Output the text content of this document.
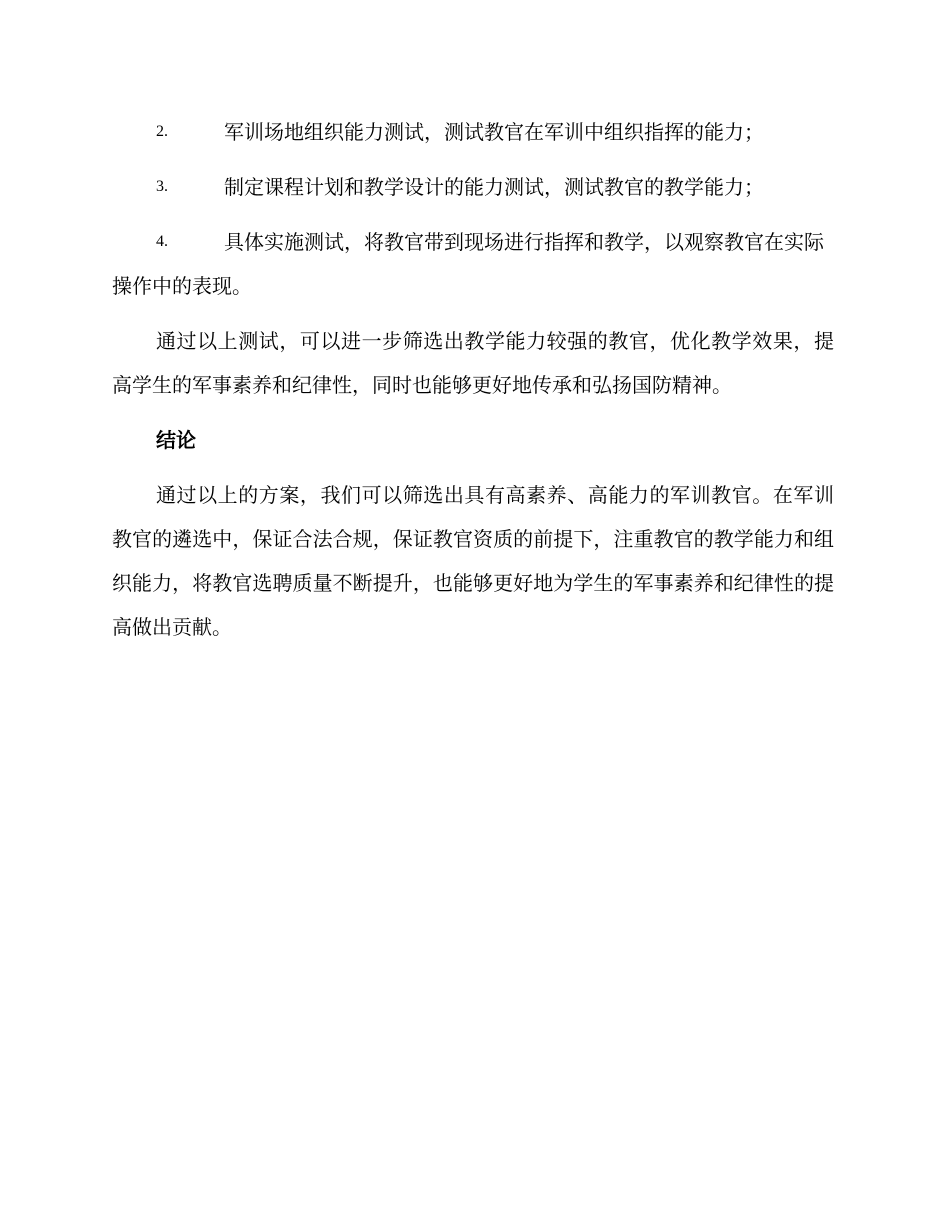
2.	军训场地组织能力测试，测试教官在军训中组织指挥的能力；
3.	制定课程计划和教学设计的能力测试，测试教官的教学能力；
4.	具体实施测试，将教官带到现场进行指挥和教学，以观察教官在实际操作中的表现。

通过以上测试，可以进一步筛选出教学能力较强的教官，优化教学效果，提高学生的军事素养和纪律性，同时也能够更好地传承和弘扬国防精神。

结论

通过以上的方案，我们可以筛选出具有高素养、高能力的军训教官。在军训教官的遴选中，保证合法合规，保证教官资质的前提下，注重教官的教学能力和组织能力，将教官选聘质量不断提升，也能够更好地为学生的军事素养和纪律性的提高做出贡献。
